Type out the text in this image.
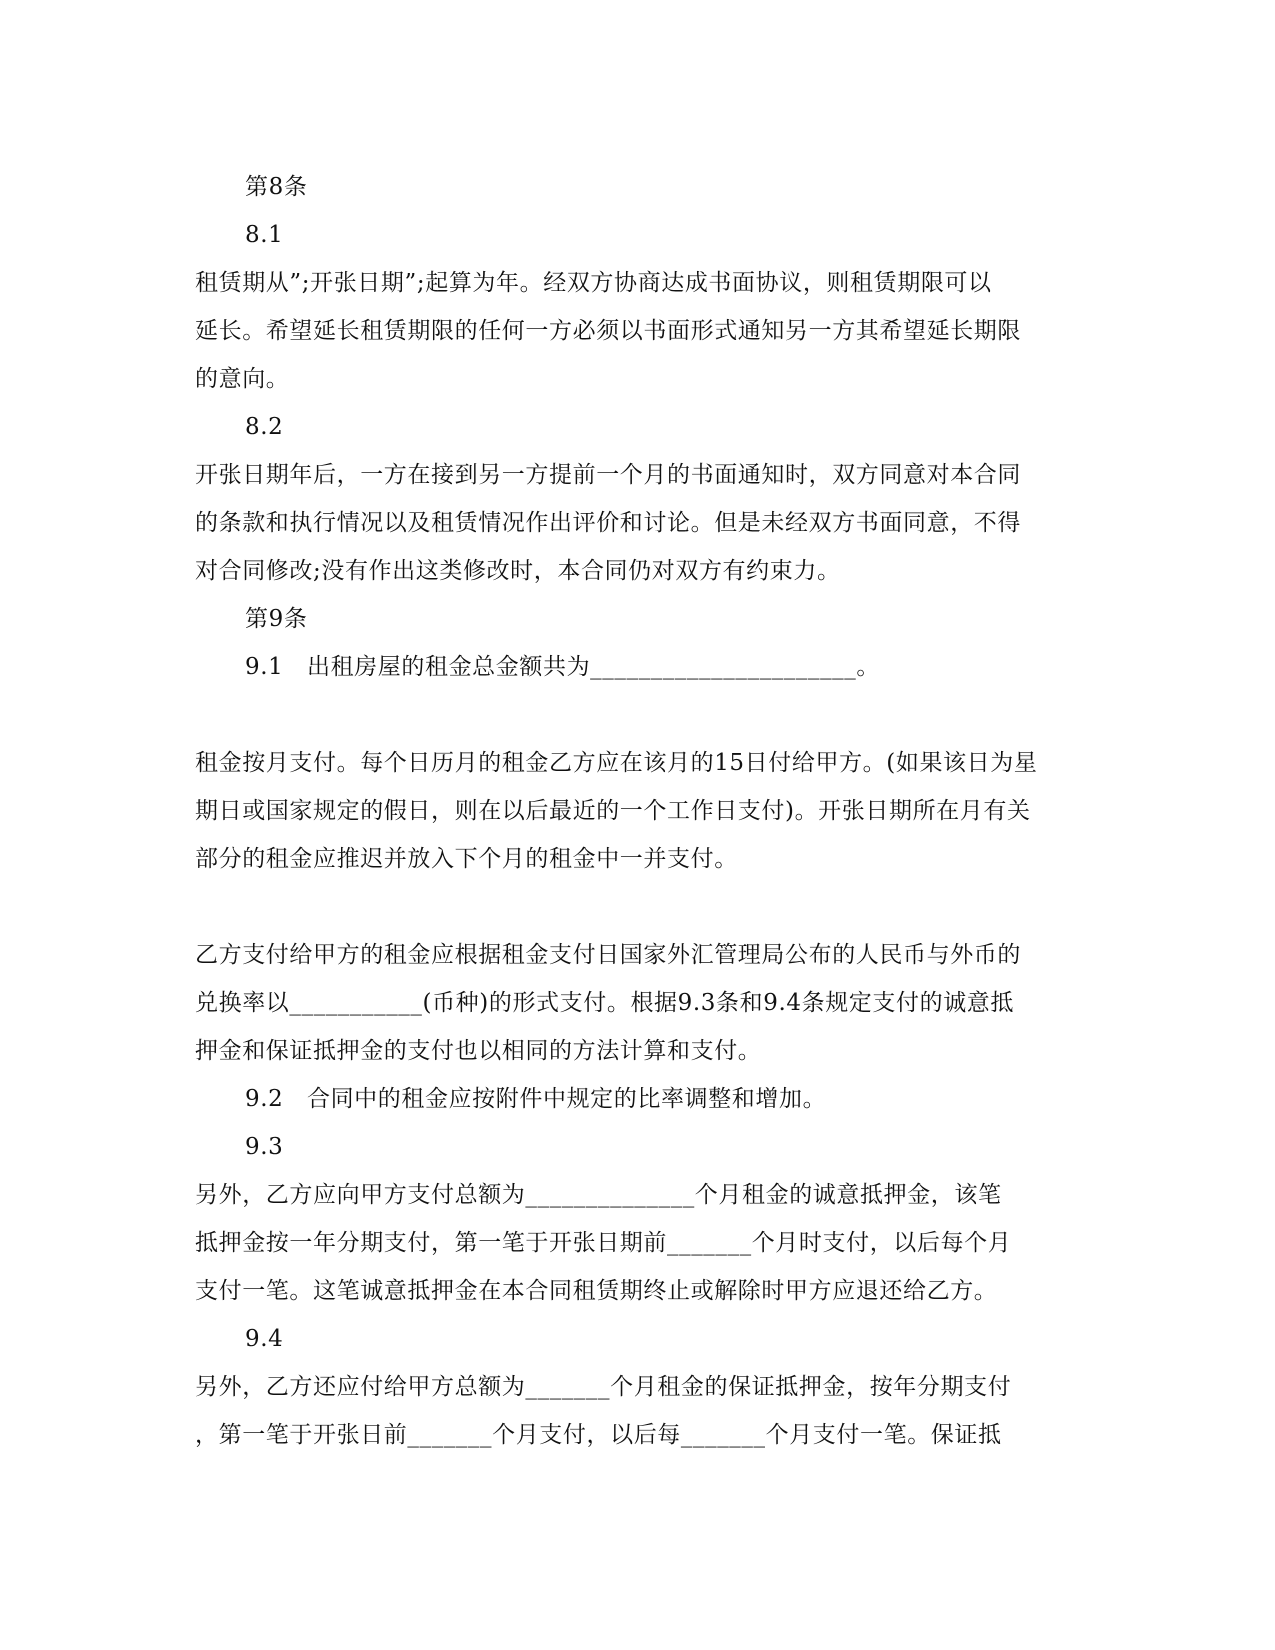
第8条
8.1
租赁期从”;开张日期”;起算为年。经双方协商达成书面协议，则租赁期限可以
延长。希望延长租赁期限的任何一方必须以书面形式通知另一方其希望延长期限
的意向。
8.2
开张日期年后，一方在接到另一方提前一个月的书面通知时，双方同意对本合同
的条款和执行情况以及租赁情况作出评价和讨论。但是未经双方书面同意，不得
对合同修改;没有作出这类修改时，本合同仍对双方有约束力。
第9条
9.1　出租房屋的租金总金额共为______________________。
租金按月支付。每个日历月的租金乙方应在该月的15日付给甲方。(如果该日为星
期日或国家规定的假日，则在以后最近的一个工作日支付)。开张日期所在月有关
部分的租金应推迟并放入下个月的租金中一并支付。
乙方支付给甲方的租金应根据租金支付日国家外汇管理局公布的人民币与外币的
兑换率以___________(币种)的形式支付。根据9.3条和9.4条规定支付的诚意抵
押金和保证抵押金的支付也以相同的方法计算和支付。
9.2　合同中的租金应按附件中规定的比率调整和增加。
9.3
另外，乙方应向甲方支付总额为______________个月租金的诚意抵押金，该笔
抵押金按一年分期支付，第一笔于开张日期前_______个月时支付，以后每个月
支付一笔。这笔诚意抵押金在本合同租赁期终止或解除时甲方应退还给乙方。
9.4
另外，乙方还应付给甲方总额为_______个月租金的保证抵押金，按年分期支付
，第一笔于开张日前_______个月支付，以后每_______个月支付一笔。保证抵
